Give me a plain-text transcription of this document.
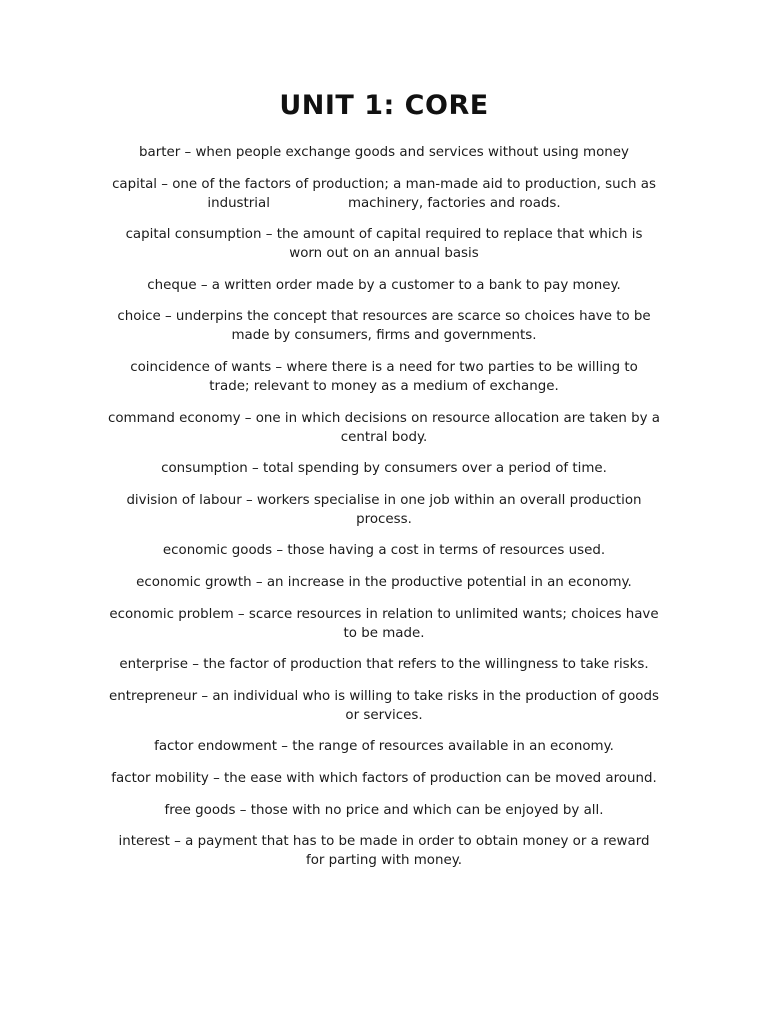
UNIT 1: CORE
barter – when people exchange goods and services without using money
capital – one of the factors of production; a man-made aid to production, such as industrial	machinery, factories and roads.
capital consumption – the amount of capital required to replace that which is worn out on an annual basis
cheque – a written order made by a customer to a bank to pay money.
choice – underpins the concept that resources are scarce so choices have to be made by consumers, firms and governments.
coincidence of wants – where there is a need for two parties to be willing to trade; relevant to money as a medium of exchange.
command economy – one in which decisions on resource allocation are taken by a central body.
consumption – total spending by consumers over a period of time.
division of labour – workers specialise in one job within an overall production process.
economic goods – those having a cost in terms of resources used.
economic growth – an increase in the productive potential in an economy.
economic problem – scarce resources in relation to unlimited wants; choices have to be made.
enterprise – the factor of production that refers to the willingness to take risks.
entrepreneur – an individual who is willing to take risks in the production of goods or services.
factor endowment – the range of resources available in an economy.
factor mobility – the ease with which factors of production can be moved around.
free goods – those with no price and which can be enjoyed by all.
interest – a payment that has to be made in order to obtain money or a reward for parting with money.
